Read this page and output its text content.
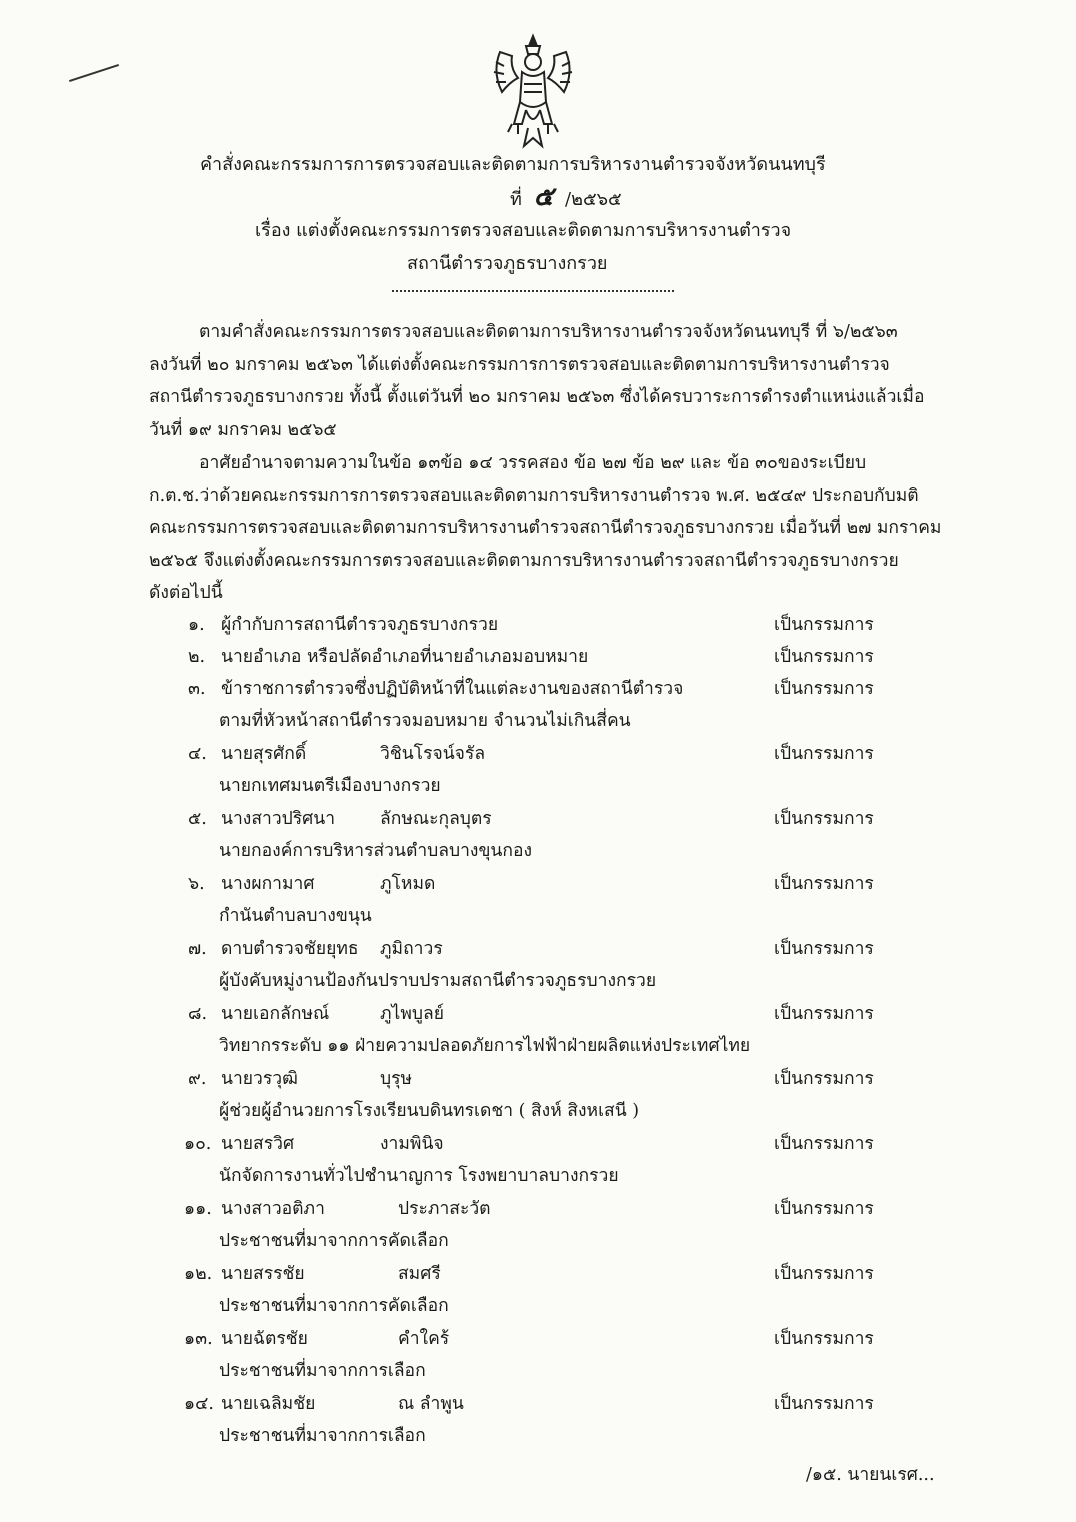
คำสั่งคณะกรรมการการตรวจสอบและติดตามการบริหารงานตำรวจจังหวัดนนทบุรี
ที่ ๕ /๒๕๖๕
เรื่อง แต่งตั้งคณะกรรมการตรวจสอบและติดตามการบริหารงานตำรวจ
สถานีตำรวจภูธรบางกรวย
ตามคำสั่งคณะกรรมการตรวจสอบและติดตามการบริหารงานตำรวจจังหวัดนนทบุรี ที่ ๖/๒๕๖๓
ลงวันที่ ๒๐ มกราคม ๒๕๖๓ ได้แต่งตั้งคณะกรรมการการตรวจสอบและติดตามการบริหารงานตำรวจ
สถานีตำรวจภูธรบางกรวย ทั้งนี้ ตั้งแต่วันที่ ๒๐ มกราคม ๒๕๖๓ ซึ่งได้ครบวาระการดำรงตำแหน่งแล้วเมื่อ
วันที่ ๑๙ มกราคม ๒๕๖๕
อาศัยอำนาจตามความในข้อ ๑๓ข้อ ๑๔ วรรคสอง ข้อ ๒๗ ข้อ ๒๙ และ ข้อ ๓๐ของระเบียบ
ก.ต.ช.ว่าด้วยคณะกรรมการการตรวจสอบและติดตามการบริหารงานตำรวจ พ.ศ. ๒๕๔๙ ประกอบกับมติ
คณะกรรมการตรวจสอบและติดตามการบริหารงานตำรวจสถานีตำรวจภูธรบางกรวย เมื่อวันที่ ๒๗ มกราคม
๒๕๖๕ จึงแต่งตั้งคณะกรรมการตรวจสอบและติดตามการบริหารงานตำรวจสถานีตำรวจภูธรบางกรวย
ดังต่อไปนี้
๑. ผู้กำกับการสถานีตำรวจภูธรบางกรวย	เป็นกรรมการ
๒. นายอำเภอ หรือปลัดอำเภอที่นายอำเภอมอบหมาย	เป็นกรรมการ
๓. ข้าราชการตำรวจซึ่งปฏิบัติหน้าที่ในแต่ละงานของสถานีตำรวจ	เป็นกรรมการ
ตามที่หัวหน้าสถานีตำรวจมอบหมาย จำนวนไม่เกินสี่คน
๔. นายสุรศักดิ์	วิชินโรจน์จรัล	เป็นกรรมการ
นายกเทศมนตรีเมืองบางกรวย
๕. นางสาวปริศนา	ลักษณะกุลบุตร	เป็นกรรมการ
นายกองค์การบริหารส่วนตำบลบางขุนกอง
๖. นางผกามาศ	ภูโหมด	เป็นกรรมการ
กำนันตำบลบางขนุน
๗. ดาบตำรวจชัยยุทธ ภูมิถาวร	เป็นกรรมการ
ผู้บังคับหมู่งานป้องกันปราบปรามสถานีตำรวจภูธรบางกรวย
๘. นายเอกลักษณ์	ภูไพบูลย์	เป็นกรรมการ
วิทยากรระดับ ๑๑ ฝ่ายความปลอดภัยการไฟฟ้าฝ่ายผลิตแห่งประเทศไทย
๙. นายวรวุฒิ	บุรุษ	เป็นกรรมการ
ผู้ช่วยผู้อำนวยการโรงเรียนบดินทรเดชา ( สิงห์ สิงหเสนี )
๑๐. นายสรวิศ	งามพินิจ	เป็นกรรมการ
นักจัดการงานทั่วไปชำนาญการ โรงพยาบาลบางกรวย
๑๑. นางสาวอติภา	ประภาสะวัต	เป็นกรรมการ
ประชาชนที่มาจากการคัดเลือก
๑๒. นายสรรชัย	สมศรี	เป็นกรรมการ
ประชาชนที่มาจากการคัดเลือก
๑๓. นายฉัตรชัย	คำใคร้	เป็นกรรมการ
ประชาชนที่มาจากการเลือก
๑๔. นายเฉลิมชัย	ณ ลำพูน	เป็นกรรมการ
ประชาชนที่มาจากการเลือก
/๑๕. นายนเรศ...
